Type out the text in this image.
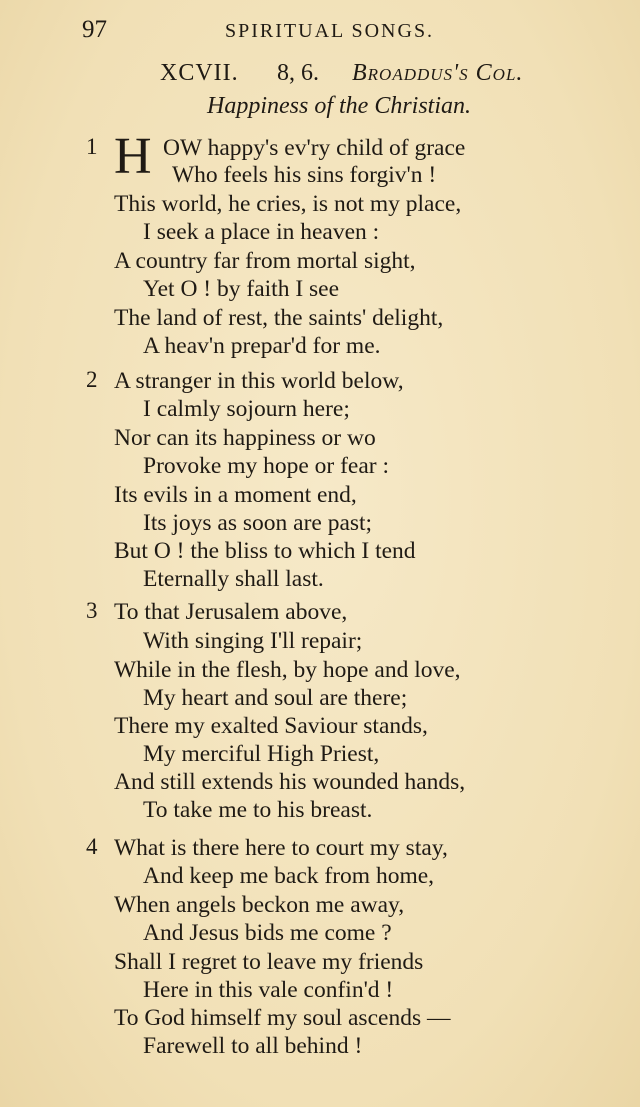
97	SPIRITUAL SONGS.
XCVII. 8, 6. Broaddus's Col.
Happiness of the Christian.
H
1	OW happy's ev'ry child of grace
Who feels his sins forgiv'n !
This world, he cries, is not my place,
I seek a place in heaven :
A country far from mortal sight,
Yet O ! by faith I see
The land of rest, the saints' delight,
A heav'n prepar'd for me.
2 A stranger in this world below,
I calmly sojourn here;
Nor can its happiness or wo
Provoke my hope or fear :
Its evils in a moment end,
Its joys as soon are past;
But O ! the bliss to which I tend
Eternally shall last.
3 To that Jerusalem above,
With singing I'll repair;
While in the flesh, by hope and love,
My heart and soul are there;
There my exalted Saviour stands,
My merciful High Priest,
And still extends his wounded hands,
To take me to his breast.
4 What is there here to court my stay,
And keep me back from home,
When angels beckon me away,
And Jesus bids me come ?
Shall I regret to leave my friends
Here in this vale confin'd !
To God himself my soul ascends —
Farewell to all behind !
